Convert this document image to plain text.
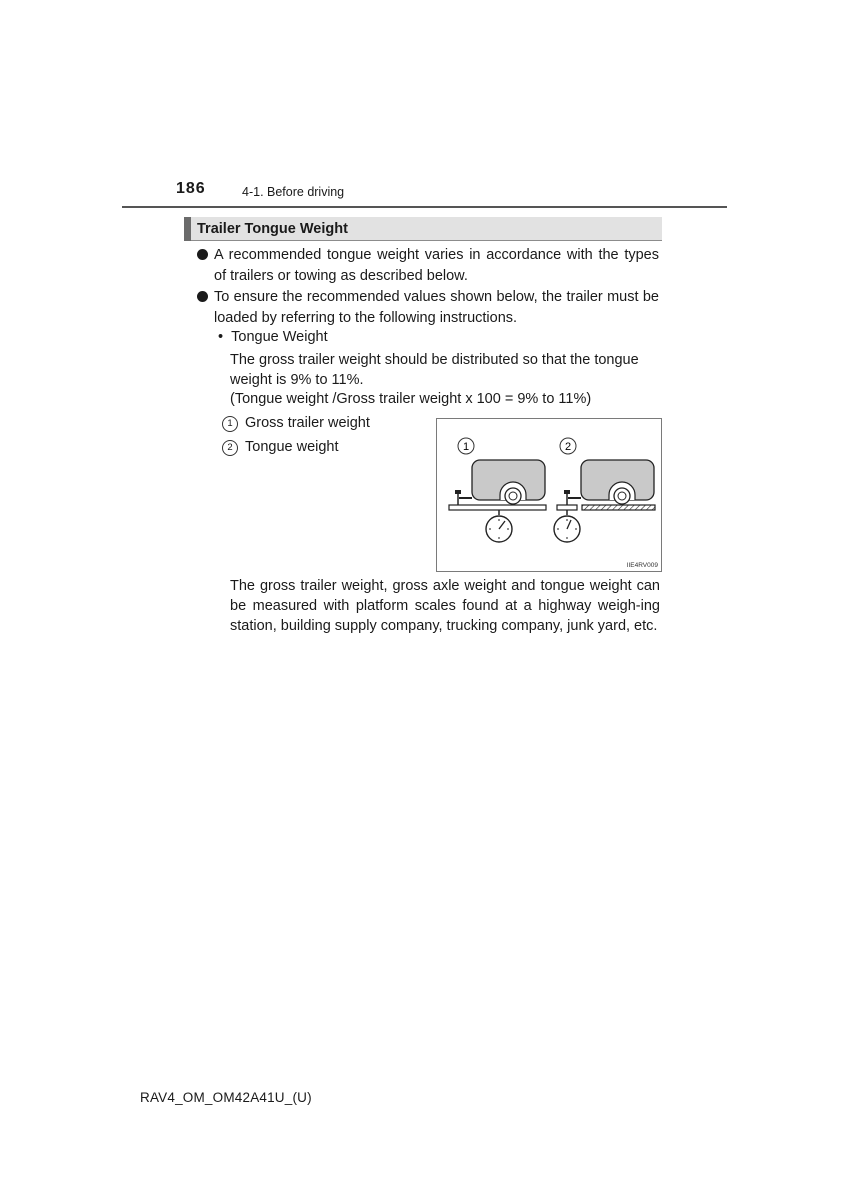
186	4-1. Before driving
Trailer Tongue Weight
A recommended tongue weight varies in accordance with the types of trailers or towing as described below.
To ensure the recommended values shown below, the trailer must be loaded by referring to the following instructions.
•  Tongue Weight
The gross trailer weight should be distributed so that the tongue weight is 9% to 11%.
(Tongue weight /Gross trailer weight x 100 = 9% to 11%)
1 Gross trailer weight
2 Tongue weight	1	2
IIE4RV009
The gross trailer weight, gross axle weight and tongue weight can be measured with platform scales found at a highway weigh-ing station, building supply company, trucking company, junk yard, etc.
RAV4_OM_OM42A41U_(U)
